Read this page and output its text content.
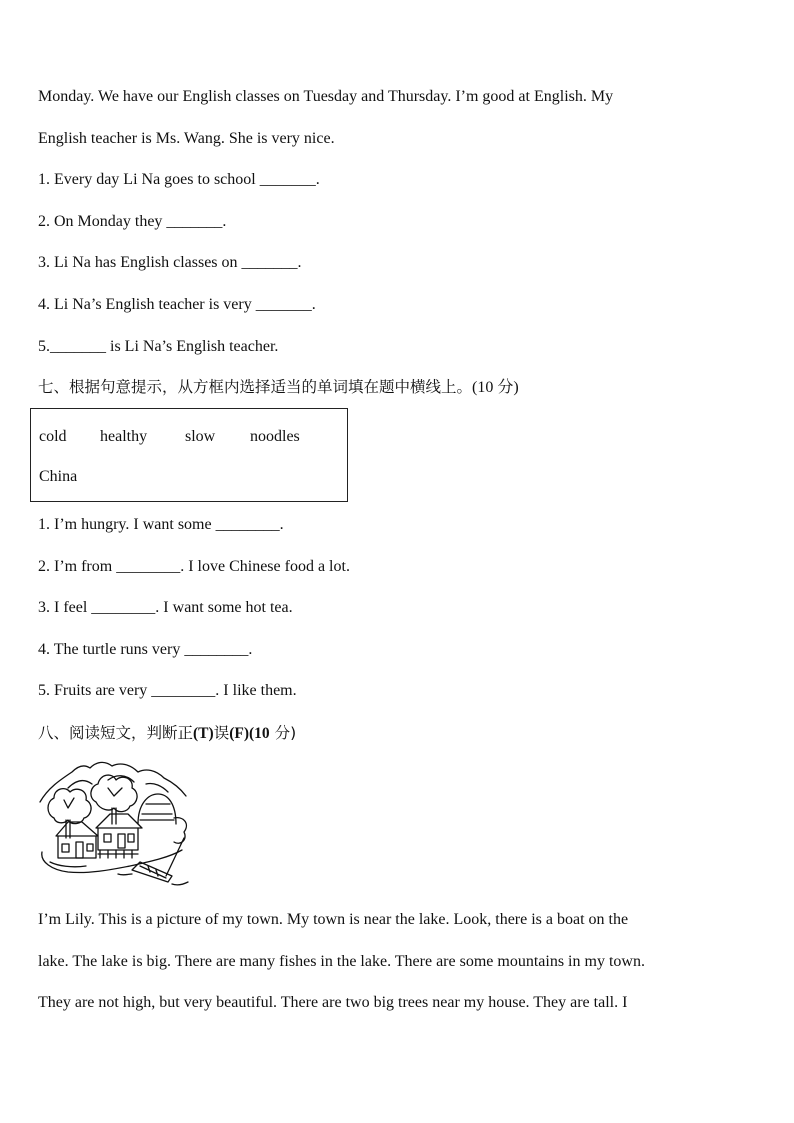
Monday. We have our English classes on Tuesday and Thursday. I’m good at English. My
English teacher is Ms. Wang. She is very nice.
1. Every day Li Na goes to school _______.
2. On Monday they _______.
3. Li Na has English classes on _______.
4. Li Na’s English teacher is very _______.
5._______ is Li Na’s English teacher.
七、根据句意提示，从方框内选择适当的单词填在题中横线上。(10 分)
cold healthy slow noodles
China
1. I’m hungry. I want some ________.
2. I’m from ________. I love Chinese food a lot.
3. I feel ________. I want some hot tea.
4. The turtle runs very ________.
5. Fruits are very ________. I like them.
八、阅读短文，判断正(T)误(F)(10 分)
I’m Lily. This is a picture of my town. My town is near the lake. Look, there is a boat on the
lake. The lake is big. There are many fishes in the lake. There are some mountains in my town.
They are not high, but very beautiful. There are two big trees near my house. They are tall. I
